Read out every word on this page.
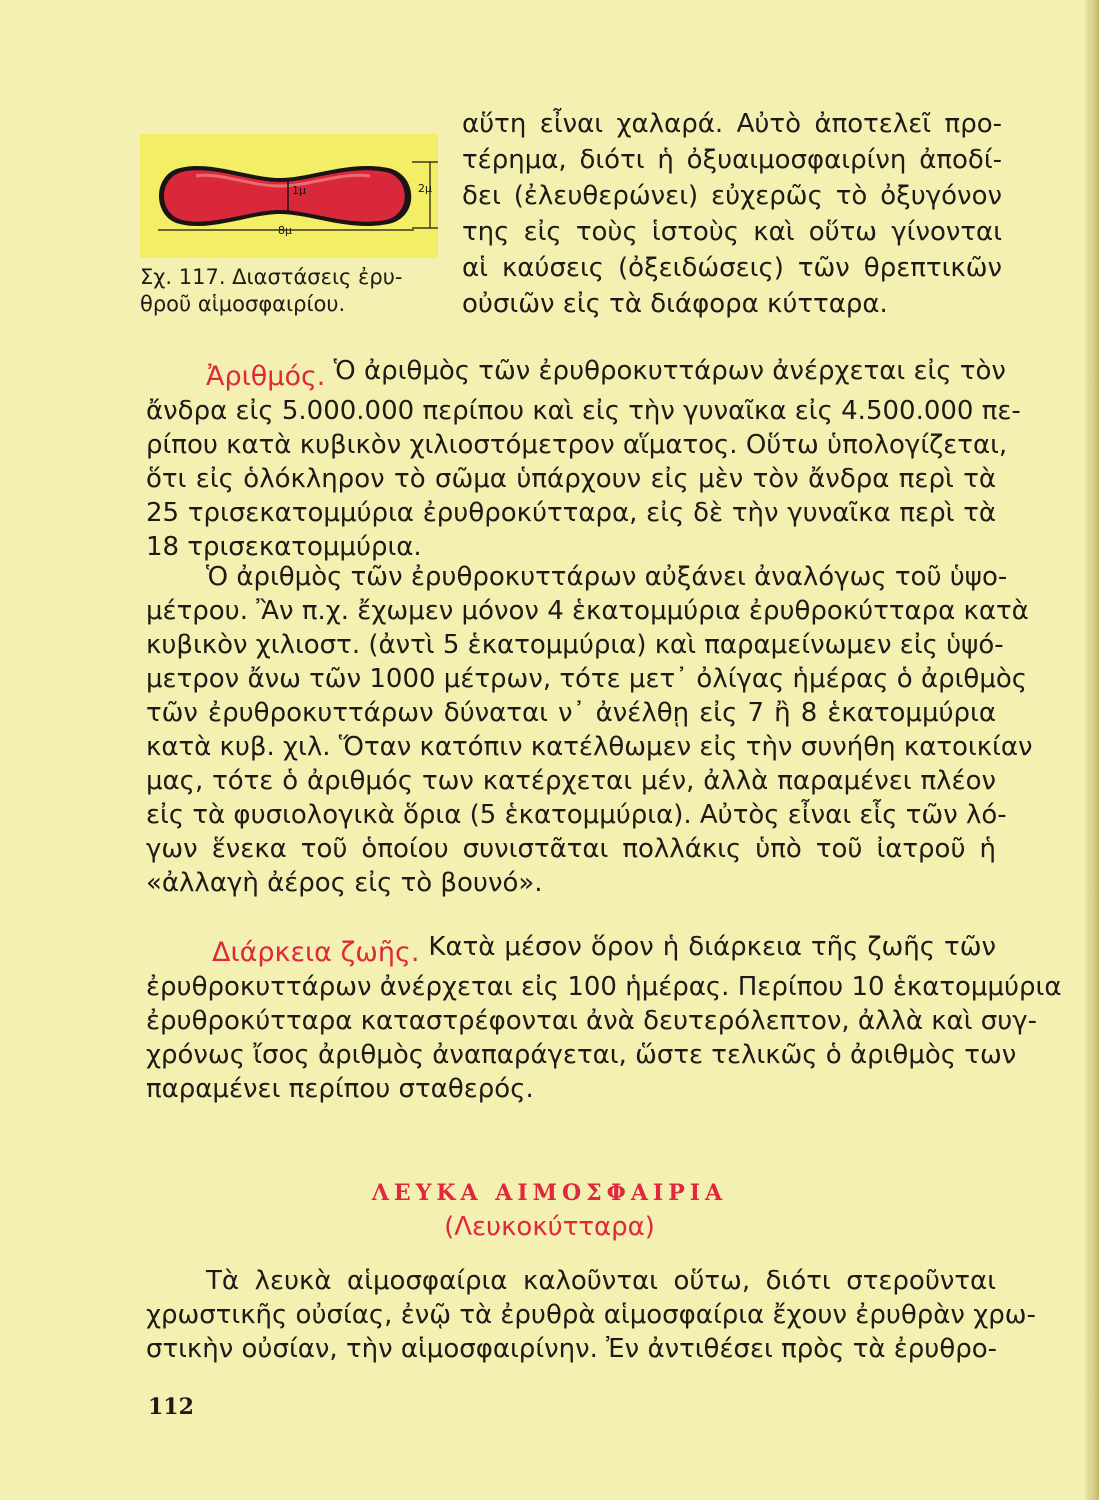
1μ	2μ
8μ
Σχ. 117. Διαστάσεις ἐρυ-
θροῦ αἱμοσφαιρίου.
αὕτη εἶναι χαλαρά. Αὐτὸ ἀποτελεῖ προ-
τέρημα, διότι ἡ ὀξυαιμοσφαιρίνη ἀποδί-
δει (ἐλευθερώνει) εὐχερῶς τὸ ὀξυγόνον
της εἰς τοὺς ἱστοὺς καὶ οὕτω γίνονται
αἱ καύσεις (ὀξειδώσεις) τῶν θρεπτικῶν
οὐσιῶν εἰς τὰ διάφορα κύτταρα.
Ἀριθμός. Ὁ ἀριθμὸς τῶν ἐρυθροκυττάρων ἀνέρχεται εἰς τὸν
ἄνδρα εἰς 5.000.000 περίπου καὶ εἰς τὴν γυναῖκα εἰς 4.500.000 πε-
ρίπου κατὰ κυβικὸν χιλιοστόμετρον αἵματος. Οὕτω ὑπολογίζεται,
ὅτι εἰς ὁλόκληρον τὸ σῶμα ὑπάρχουν εἰς μὲν τὸν ἄνδρα περὶ τὰ
25 τρισεκατομμύρια ἐρυθροκύτταρα, εἰς δὲ τὴν γυναῖκα περὶ τὰ
18 τρισεκατομμύρια.
Ὁ ἀριθμὸς τῶν ἐρυθροκυττάρων αὐξάνει ἀναλόγως τοῦ ὑψο-
μέτρου. Ἂν π.χ. ἔχωμεν μόνον 4 ἑκατομμύρια ἐρυθροκύτταρα κατὰ
κυβικὸν χιλιοστ. (ἀντὶ 5 ἑκατομμύρια) καὶ παραμείνωμεν εἰς ὑψό-
μετρον ἄνω τῶν 1000 μέτρων, τότε μετ᾽ ὀλίγας ἡμέρας ὁ ἀριθμὸς
τῶν ἐρυθροκυττάρων δύναται ν᾽ ἀνέλθῃ εἰς 7 ἢ 8 ἑκατομμύρια
κατὰ κυβ. χιλ. Ὅταν κατόπιν κατέλθωμεν εἰς τὴν συνήθη κατοικίαν
μας, τότε ὁ ἀριθμός των κατέρχεται μέν, ἀλλὰ παραμένει πλέον
εἰς τὰ φυσιολογικὰ ὅρια (5 ἑκατομμύρια). Αὐτὸς εἶναι εἷς τῶν λό-
γων ἕνεκα τοῦ ὁποίου συνιστᾶται πολλάκις ὑπὸ τοῦ ἰατροῦ ἡ
«ἀλλαγὴ ἀέρος εἰς τὸ βουνό».
Διάρκεια ζωῆς. Κατὰ μέσον ὅρον ἡ διάρκεια τῆς ζωῆς τῶν
ἐρυθροκυττάρων ἀνέρχεται εἰς 100 ἡμέρας. Περίπου 10 ἑκατομμύρια
ἐρυθροκύτταρα καταστρέφονται ἀνὰ δευτερόλεπτον, ἀλλὰ καὶ συγ-
χρόνως ἴσος ἀριθμὸς ἀναπαράγεται, ὥστε τελικῶς ὁ ἀριθμὸς των
παραμένει περίπου σταθερός.
ΛΕΥΚΑ ΑΙΜΟΣΦΑΙΡΙΑ
(Λευκοκύτταρα)
Τὰ λευκὰ αἱμοσφαίρια καλοῦνται οὕτω, διότι στεροῦνται
χρωστικῆς οὐσίας, ἐνῷ τὰ ἐρυθρὰ αἱμοσφαίρια ἔχουν ἐρυθρὰν χρω-
στικὴν οὐσίαν, τὴν αἱμοσφαιρίνην. Ἐν ἀντιθέσει πρὸς τὰ ἐρυθρο-
112
